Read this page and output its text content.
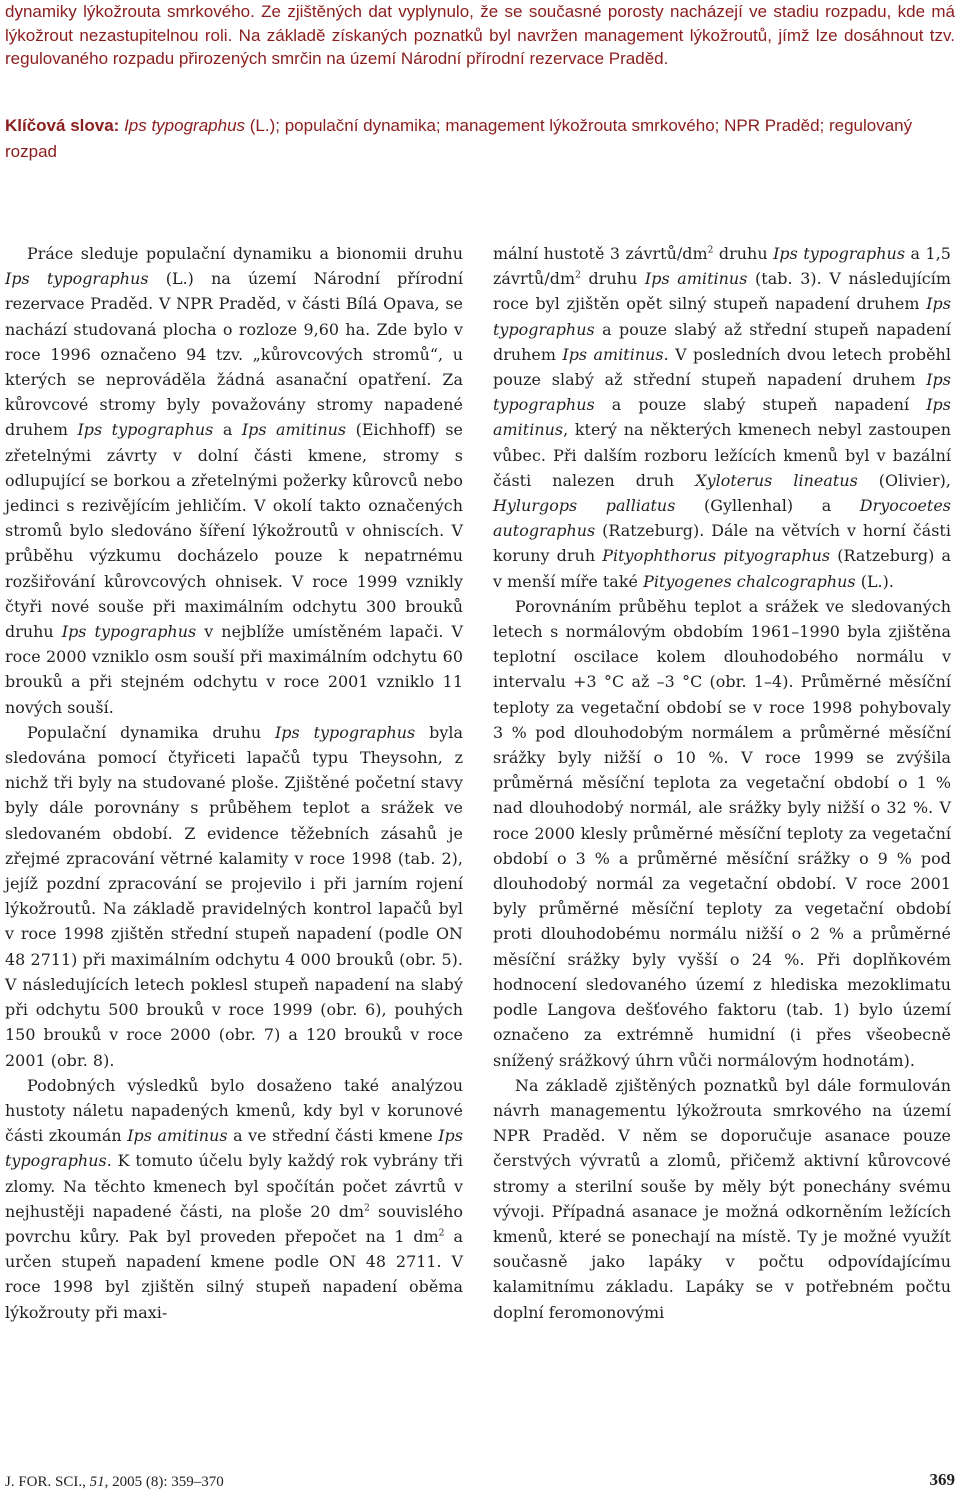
dynamiky lýkožrouta smrkového. Ze zjištěných dat vyplynulo, že se současné porosty nacházejí ve stadiu rozpadu, kde má lýkožrout nezastupitelnou roli. Na základě získaných poznatků byl navržen management lýkožroutů, jímž lze dosáhnout tzv. regulovaného rozpadu přirozených smrčin na území Národní přírodní rezervace Praděd.
Klíčová slova: Ips typographus (L.); populační dynamika; management lýkožrouta smrkového; NPR Praděd; regulovaný rozpad

Práce sleduje populační dynamiku a bionomii druhu Ips typographus (L.) na území Národní přírodní rezervace Praděd. V NPR Praděd, v části Bílá Opava, se nachází studovaná plocha o rozloze 9,60 ha. Zde bylo v roce 1996 označeno 94 tzv. „kůrovcových stromů“, u kterých se neprováděla žádná asanační opatření. Za kůrovcové stromy byly považovány stromy napadené druhem Ips typographus a Ips amitinus (Eichhoff) se zřetelnými závrty v dolní části kmene, stromy s odlupující se borkou a zřetelnými požerky kůrovců nebo jedinci s rezivějícím jehličím. V okolí takto označených stromů bylo sledováno šíření lýkožroutů v ohniscích. V průběhu výzkumu docházelo pouze k nepatrnému rozšiřování kůrovcových ohnisek. V roce 1999 vznikly čtyři nové souše při maximálním odchytu 300 brouků druhu Ips typographus v nejblíže umístěném lapači. V roce 2000 vzniklo osm souší při maximálním odchytu 60 brouků a při stejném odchytu v roce 2001 vzniklo 11 nových souší.

Populační dynamika druhu Ips typographus byla sledována pomocí čtyřiceti lapačů typu Theysohn, z nichž tři byly na studované ploše. Zjištěné početní stavy byly dále porovnány s průběhem teplot a srážek ve sledovaném období. Z evidence těžebních zásahů je zřejmé zpracování větrné kalamity v roce 1998 (tab. 2), jejíž pozdní zpracování se projevilo i při jarním rojení lýkožroutů. Na základě pravidelných kontrol lapačů byl v roce 1998 zjištěn střední stupeň napadení (podle ON 48 2711) při maximálním odchytu 4 000 brouků (obr. 5). V následujících letech poklesl stupeň napadení na slabý při odchytu 500 brouků v roce 1999 (obr. 6), pouhých 150 brouků v roce 2000 (obr. 7) a 120 brouků v roce 2001 (obr. 8).

Podobných výsledků bylo dosaženo také analýzou hustoty náletu napadených kmenů, kdy byl v korunové části zkoumán Ips amitinus a ve střední části kmene Ips typographus. K tomuto účelu byly každý rok vybrány tři zlomy. Na těchto kmenech byl spočítán počet závrtů v nejhustěji napadené části, na ploše 20 $dm^2$ souvislého povrchu kůry. Pak byl proveden přepočet na 1 $dm^2$ a určen stupeň napadení kmene podle ON 48 2711. V roce 1998 byl zjištěn silný stupeň napadení oběma lýkožrouty při maxi-

mální hustotě 3 závrtů/$dm^2$ druhu Ips typographus a 1,5 závrtů/$dm^2$ druhu Ips amitinus (tab. 3). V následujícím roce byl zjištěn opět silný stupeň napadení druhem Ips typographus a pouze slabý až střední stupeň napadení druhem Ips amitinus. V posledních dvou letech proběhl pouze slabý až střední stupeň napadení druhem Ips typographus a pouze slabý stupeň napadení Ips amitinus, který na některých kmenech nebyl zastoupen vůbec. Při dalším rozboru ležících kmenů byl v bazální části nalezen druh Xyloterus lineatus (Olivier), Hylurgops palliatus (Gyllenhal) a Dryocoetes autographus (Ratzeburg). Dále na větvích v horní části koruny druh Pityophthorus pityographus (Ratzeburg) a v menší míře také Pityogenes chalcographus (L.).

Porovnáním průběhu teplot a srážek ve sledovaných letech s normálovým obdobím 1961–1990 byla zjištěna teplotní oscilace kolem dlouhodobého normálu v intervalu +3 °C až –3 °C (obr. 1–4). Průměrné měsíční teploty za vegetační období se v roce 1998 pohybovaly 3 % pod dlouhodobým normálem a průměrné měsíční srážky byly nižší o 10 %. V roce 1999 se zvýšila průměrná měsíční teplota za vegetační období o 1 % nad dlouhodobý normál, ale srážky byly nižší o 32 %. V roce 2000 klesly průměrné měsíční teploty za vegetační období o 3 % a průměrné měsíční srážky o 9 % pod dlouhodobý normál za vegetační období. V roce 2001 byly průměrné měsíční teploty za vegetační období proti dlouhodobému normálu nižší o 2 % a průměrné měsíční srážky byly vyšší o 24 %. Při doplňkovém hodnocení sledovaného území z hlediska mezoklimatu podle Langova dešťového faktoru (tab. 1) bylo území označeno za extrémně humidní (i přes všeobecně snížený srážkový úhrn vůči normálovým hodnotám).

Na základě zjištěných poznatků byl dále formulován návrh managementu lýkožrouta smrkového na území NPR Praděd. V něm se doporučuje asanace pouze čerstvých vývratů a zlomů, přičemž aktivní kůrovcové stromy a sterilní souše by měly být ponechány svému vývoji. Případná asanace je možná odkorněním ležících kmenů, které se ponechají na místě. Ty je možné využít současně jako lapáky v počtu odpovídajícímu kalamitnímu základu. Lapáky se v potřebném počtu doplní feromonovými

J. FOR. SCI., 51, 2005 (8): 359–370	369
